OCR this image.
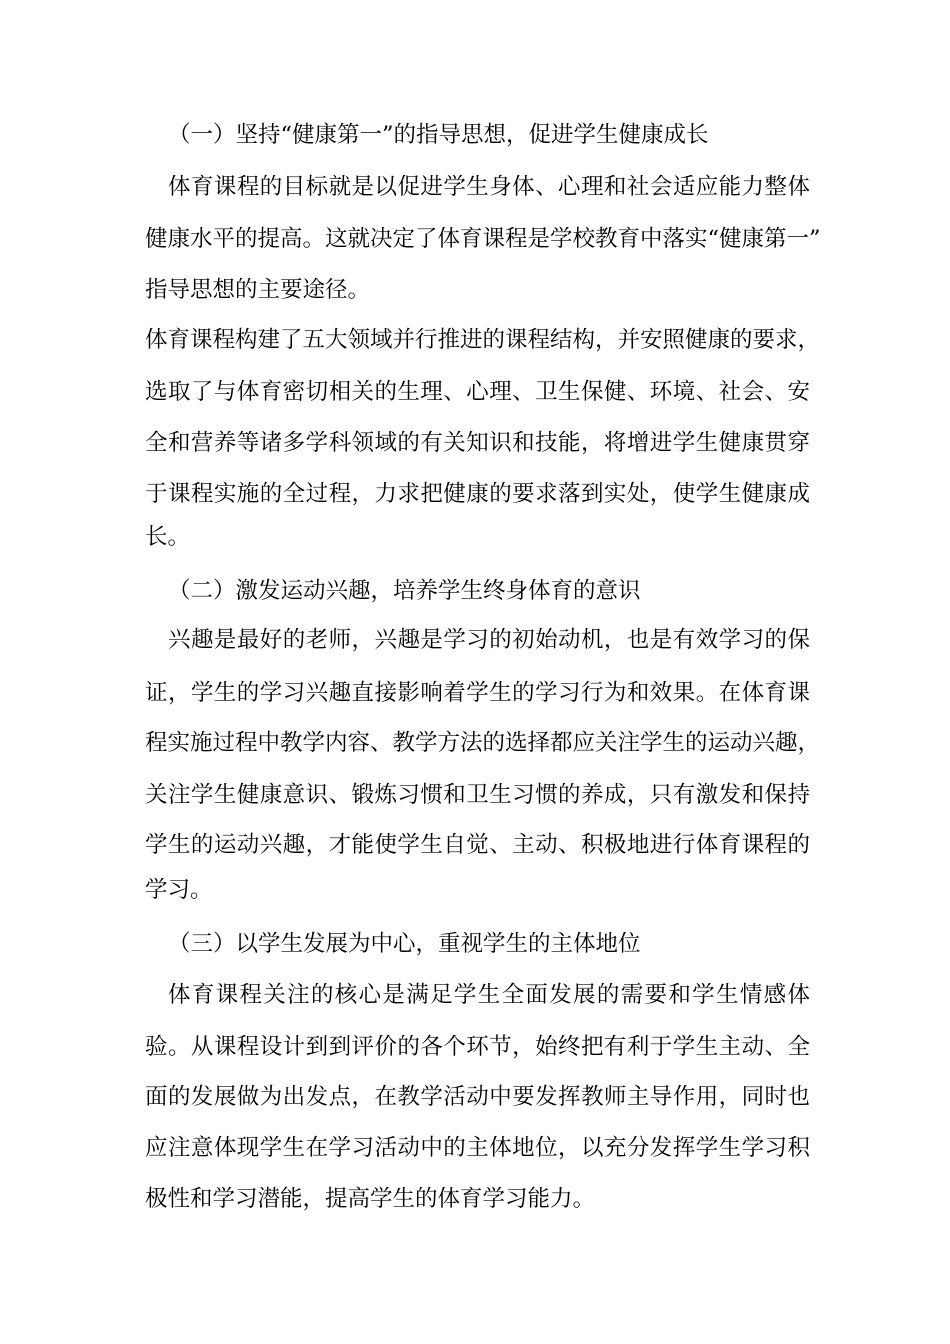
（一）坚持“健康第一”的指导思想，促进学生健康成长
体育课程的目标就是以促进学生身体、心理和社会适应能力整体
健康水平的提高。这就决定了体育课程是学校教育中落实“健康第一”
指导思想的主要途径。
体育课程构建了五大领域并行推进的课程结构，并安照健康的要求，
选取了与体育密切相关的生理、心理、卫生保健、环境、社会、安
全和营养等诸多学科领域的有关知识和技能，将增进学生健康贯穿
于课程实施的全过程，力求把健康的要求落到实处，使学生健康成
长。
（二）激发运动兴趣，培养学生终身体育的意识
兴趣是最好的老师，兴趣是学习的初始动机，也是有效学习的保
证，学生的学习兴趣直接影响着学生的学习行为和效果。在体育课
程实施过程中教学内容、教学方法的选择都应关注学生的运动兴趣，
关注学生健康意识、锻炼习惯和卫生习惯的养成，只有激发和保持
学生的运动兴趣，才能使学生自觉、主动、积极地进行体育课程的
学习。
（三）以学生发展为中心，重视学生的主体地位
体育课程关注的核心是满足学生全面发展的需要和学生情感体
验。从课程设计到到评价的各个环节，始终把有利于学生主动、全
面的发展做为出发点，在教学活动中要发挥教师主导作用，同时也
应注意体现学生在学习活动中的主体地位，以充分发挥学生学习积
极性和学习潜能，提高学生的体育学习能力。
